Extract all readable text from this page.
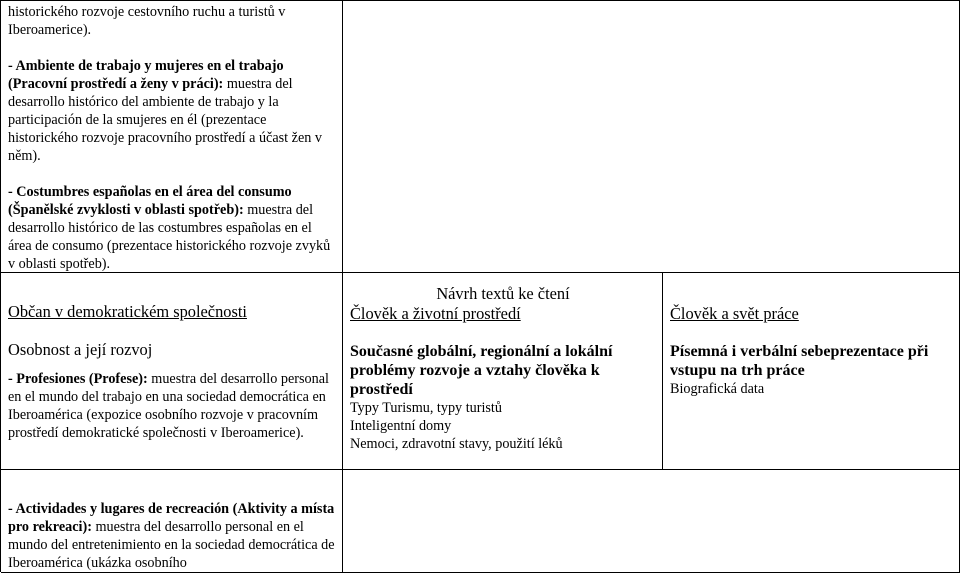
historického rozvoje cestovního ruchu a turistů v Iberoamerice).

- Ambiente de trabajo y mujeres en el trabajo (Pracovní prostředí a ženy v práci): muestra del desarrollo histórico del ambiente de trabajo y la participación de la smujeres en él (prezentace historického rozvoje pracovního prostředí a účast žen v něm).

- Costumbres españolas en el área del consumo (Španělské zvyklosti v oblasti spotřeb): muestra del desarrollo histórico de las costumbres españolas en el área de consumo (prezentace historického rozvoje zvyků v oblasti spotřeb).

Občan v demokratickém společnosti

Osobnost a její rozvoj

- Profesiones (Profese): muestra del desarrollo personal en el mundo del trabajo en una sociedad democrática en Iberoamérica (expozice osobního rozvoje v pracovním prostředí demokratické společnosti v Iberoamerice).

Návrh textů ke čtení

Člověk a životní prostředí

Současné globální, regionální a lokální problémy rozvoje a vztahy člověka k prostředí

Typy Turismu, typy turistů

Inteligentní domy

Nemoci, zdravotní stavy, použití léků

Člověk a svět práce

Písemná i verbální sebeprezentace při vstupu na trh práce

Biografická data

- Actividades y lugares de recreación (Aktivity a místa pro rekreaci): muestra del desarrollo personal en el mundo del entretenimiento en la sociedad democrática de Iberoamérica (ukázka osobního
